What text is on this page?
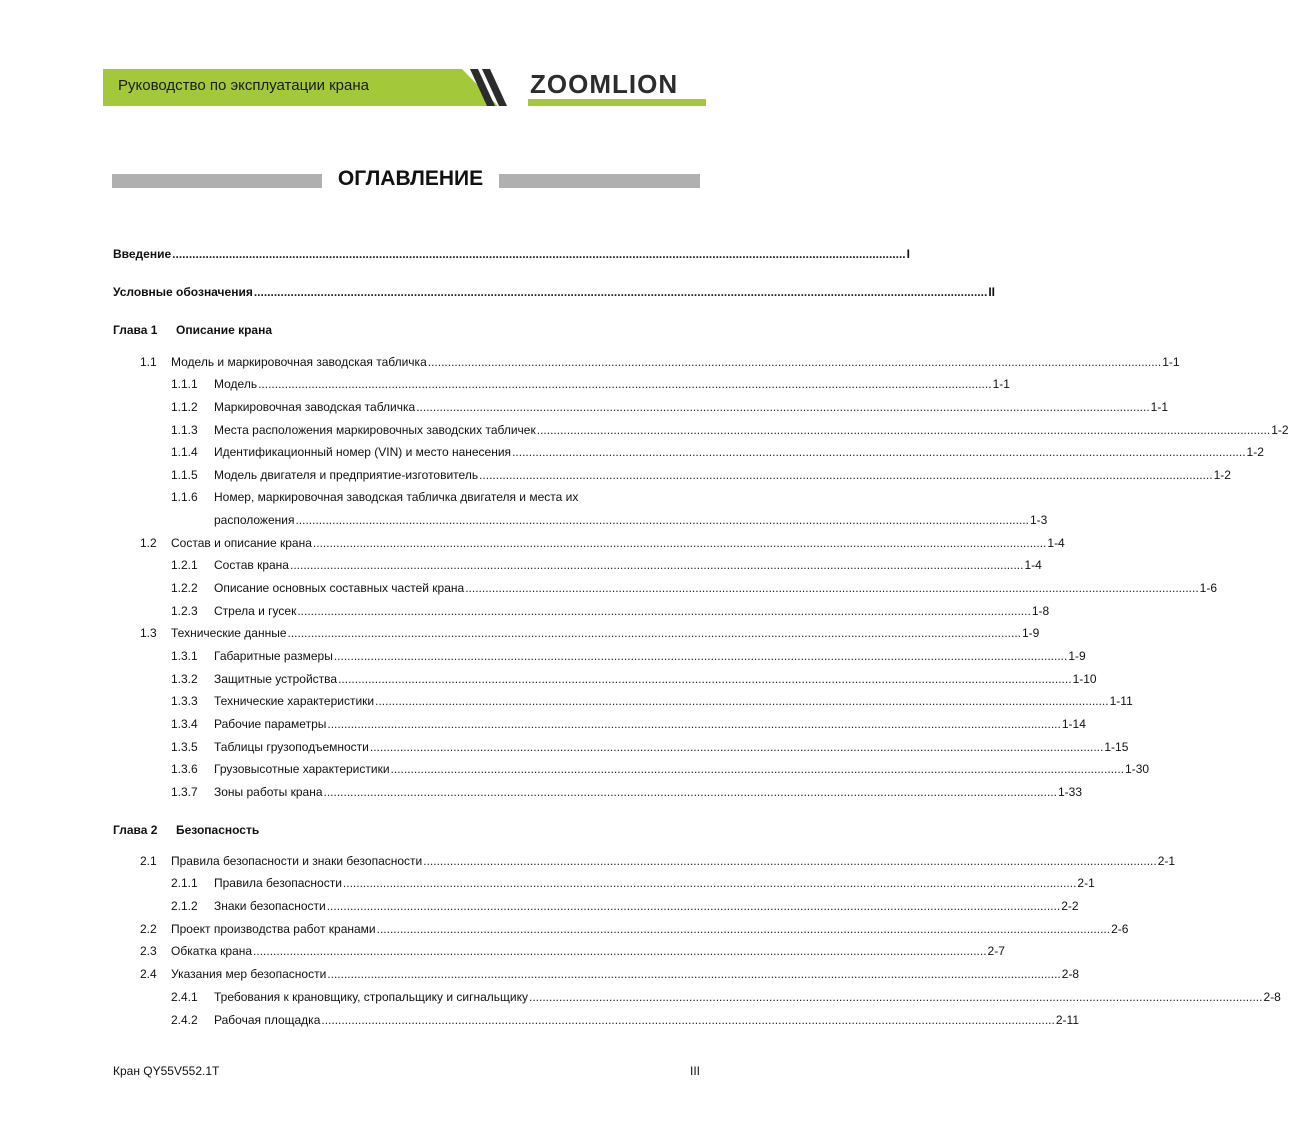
Руководство по эксплуатации крана	ZOOMLION
ОГЛАВЛЕНИЕ
Введение ............................................................................................................................................................................................................................ I
Условные обозначения ............................................................................................................................................................................................................................ II
Глава 1 Описание крана
1.1 Модель и маркировочная заводская табличка ............................................................................................................................................................................................................................ 1-1
1.1.1 Модель ............................................................................................................................................................................................................................ 1-1
1.1.2 Маркировочная заводская табличка ............................................................................................................................................................................................................................ 1-1
1.1.3 Места расположения маркировочных заводских табличек ............................................................................................................................................................................................................................ 1-2
1.1.4 Идентификационный номер (VIN) и место нанесения ............................................................................................................................................................................................................................ 1-2
1.1.5 Модель двигателя и предприятие-изготовитель ............................................................................................................................................................................................................................ 1-2
1.1.6 Номер, маркировочная заводская табличка двигателя и места их
расположения ............................................................................................................................................................................................................................ 1-3
1.2 Состав и описание крана ............................................................................................................................................................................................................................ 1-4
1.2.1 Состав крана ............................................................................................................................................................................................................................ 1-4
1.2.2 Описание основных составных частей крана ............................................................................................................................................................................................................................ 1-6
1.2.3 Стрела и гусек ............................................................................................................................................................................................................................ 1-8
1.3 Технические данные ............................................................................................................................................................................................................................ 1-9
1.3.1 Габаритные размеры ............................................................................................................................................................................................................................ 1-9
1.3.2 Защитные устройства ............................................................................................................................................................................................................................ 1-10
1.3.3 Технические характеристики ............................................................................................................................................................................................................................ 1-11
1.3.4 Рабочие параметры ............................................................................................................................................................................................................................ 1-14
1.3.5 Таблицы грузоподъемности ............................................................................................................................................................................................................................ 1-15
1.3.6 Грузовысотные характеристики ............................................................................................................................................................................................................................ 1-30
1.3.7 Зоны работы крана ............................................................................................................................................................................................................................ 1-33
Глава 2 Безопасность
2.1 Правила безопасности и знаки безопасности ............................................................................................................................................................................................................................ 2-1
2.1.1 Правила безопасности ............................................................................................................................................................................................................................ 2-1
2.1.2 Знаки безопасности ............................................................................................................................................................................................................................ 2-2
2.2 Проект производства работ кранами ............................................................................................................................................................................................................................ 2-6
2.3 Обкатка крана ............................................................................................................................................................................................................................ 2-7
2.4 Указания мер безопасности ............................................................................................................................................................................................................................ 2-8
2.4.1 Требования к крановщику, стропальщику и сигнальщику ............................................................................................................................................................................................................................ 2-8
2.4.2 Рабочая площадка ............................................................................................................................................................................................................................ 2-11
Кран QY55V552.1T	III
